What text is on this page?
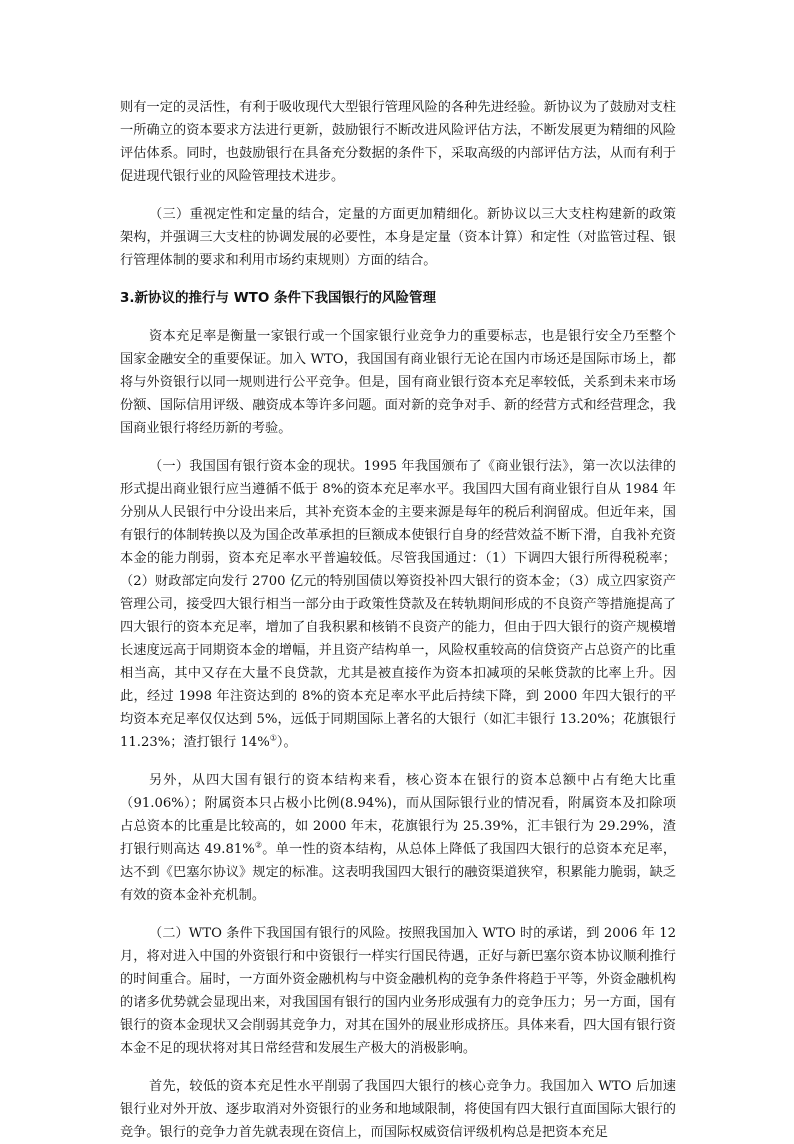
则有一定的灵活性，有利于吸收现代大型银行管理风险的各种先进经验。新协议为了鼓励对支柱一所确立的资本要求方法进行更新，鼓励银行不断改进风险评估方法，不断发展更为精细的风险评估体系。同时，也鼓励银行在具备充分数据的条件下，采取高级的内部评估方法，从而有利于促进现代银行业的风险管理技术进步。

（三）重视定性和定量的结合，定量的方面更加精细化。新协议以三大支柱构建新的政策架构，并强调三大支柱的协调发展的必要性，本身是定量（资本计算）和定性（对监管过程、银行管理体制的要求和利用市场约束规则）方面的结合。

3.新协议的推行与 WTO 条件下我国银行的风险管理

资本充足率是衡量一家银行或一个国家银行业竞争力的重要标志，也是银行安全乃至整个国家金融安全的重要保证。加入 WTO，我国国有商业银行无论在国内市场还是国际市场上，都将与外资银行以同一规则进行公平竞争。但是，国有商业银行资本充足率较低，关系到未来市场份额、国际信用评级、融资成本等许多问题。面对新的竞争对手、新的经营方式和经营理念，我国商业银行将经历新的考验。

（一）我国国有银行资本金的现状。1995 年我国颁布了《商业银行法》，第一次以法律的形式提出商业银行应当遵循不低于 8%的资本充足率水平。我国四大国有商业银行自从 1984 年分别从人民银行中分设出来后，其补充资本金的主要来源是每年的税后利润留成。但近年来，国有银行的体制转换以及为国企改革承担的巨额成本使银行自身的经营效益不断下滑，自我补充资本金的能力削弱，资本充足率水平普遍较低。尽管我国通过：（1）下调四大银行所得税税率；（2）财政部定向发行 2700 亿元的特别国债以筹资投补四大银行的资本金；（3）成立四家资产管理公司，接受四大银行相当一部分由于政策性贷款及在转轨期间形成的不良资产等措施提高了四大银行的资本充足率，增加了自我积累和核销不良资产的能力，但由于四大银行的资产规模增长速度远高于同期资本金的增幅，并且资产结构单一，风险权重较高的信贷资产占总资产的比重相当高，其中又存在大量不良贷款，尤其是被直接作为资本扣减项的呆帐贷款的比率上升。因此，经过 1998 年注资达到的 8%的资本充足率水平此后持续下降，到 2000 年四大银行的平均资本充足率仅仅达到 5%，远低于同期国际上著名的大银行（如汇丰银行 13.20%；花旗银行 11.23%；渣打银行 14%①）。

另外，从四大国有银行的资本结构来看，核心资本在银行的资本总额中占有绝大比重（91.06%）；附属资本只占极小比例(8.94%)，而从国际银行业的情况看，附属资本及扣除项占总资本的比重是比较高的，如 2000 年末，花旗银行为 25.39%，汇丰银行为 29.29%，渣打银行则高达 49.81%②。单一性的资本结构，从总体上降低了我国四大银行的总资本充足率，达不到《巴塞尔协议》规定的标准。这表明我国四大银行的融资渠道狭窄，积累能力脆弱，缺乏有效的资本金补充机制。

（二）WTO 条件下我国国有银行的风险。按照我国加入 WTO 时的承诺，到 2006 年 12 月，将对进入中国的外资银行和中资银行一样实行国民待遇，正好与新巴塞尔资本协议顺利推行的时间重合。届时，一方面外资金融机构与中资金融机构的竞争条件将趋于平等，外资金融机构的诸多优势就会显现出来，对我国国有银行的国内业务形成强有力的竞争压力；另一方面，国有银行的资本金现状又会削弱其竞争力，对其在国外的展业形成挤压。具体来看，四大国有银行资本金不足的现状将对其日常经营和发展生产极大的消极影响。

首先，较低的资本充足性水平削弱了我国四大银行的核心竞争力。我国加入 WTO 后加速银行业对外开放、逐步取消对外资银行的业务和地域限制，将使国有四大银行直面国际大银行的竞争。银行的竞争力首先就表现在资信上，而国际权威资信评级机构总是把资本充足
